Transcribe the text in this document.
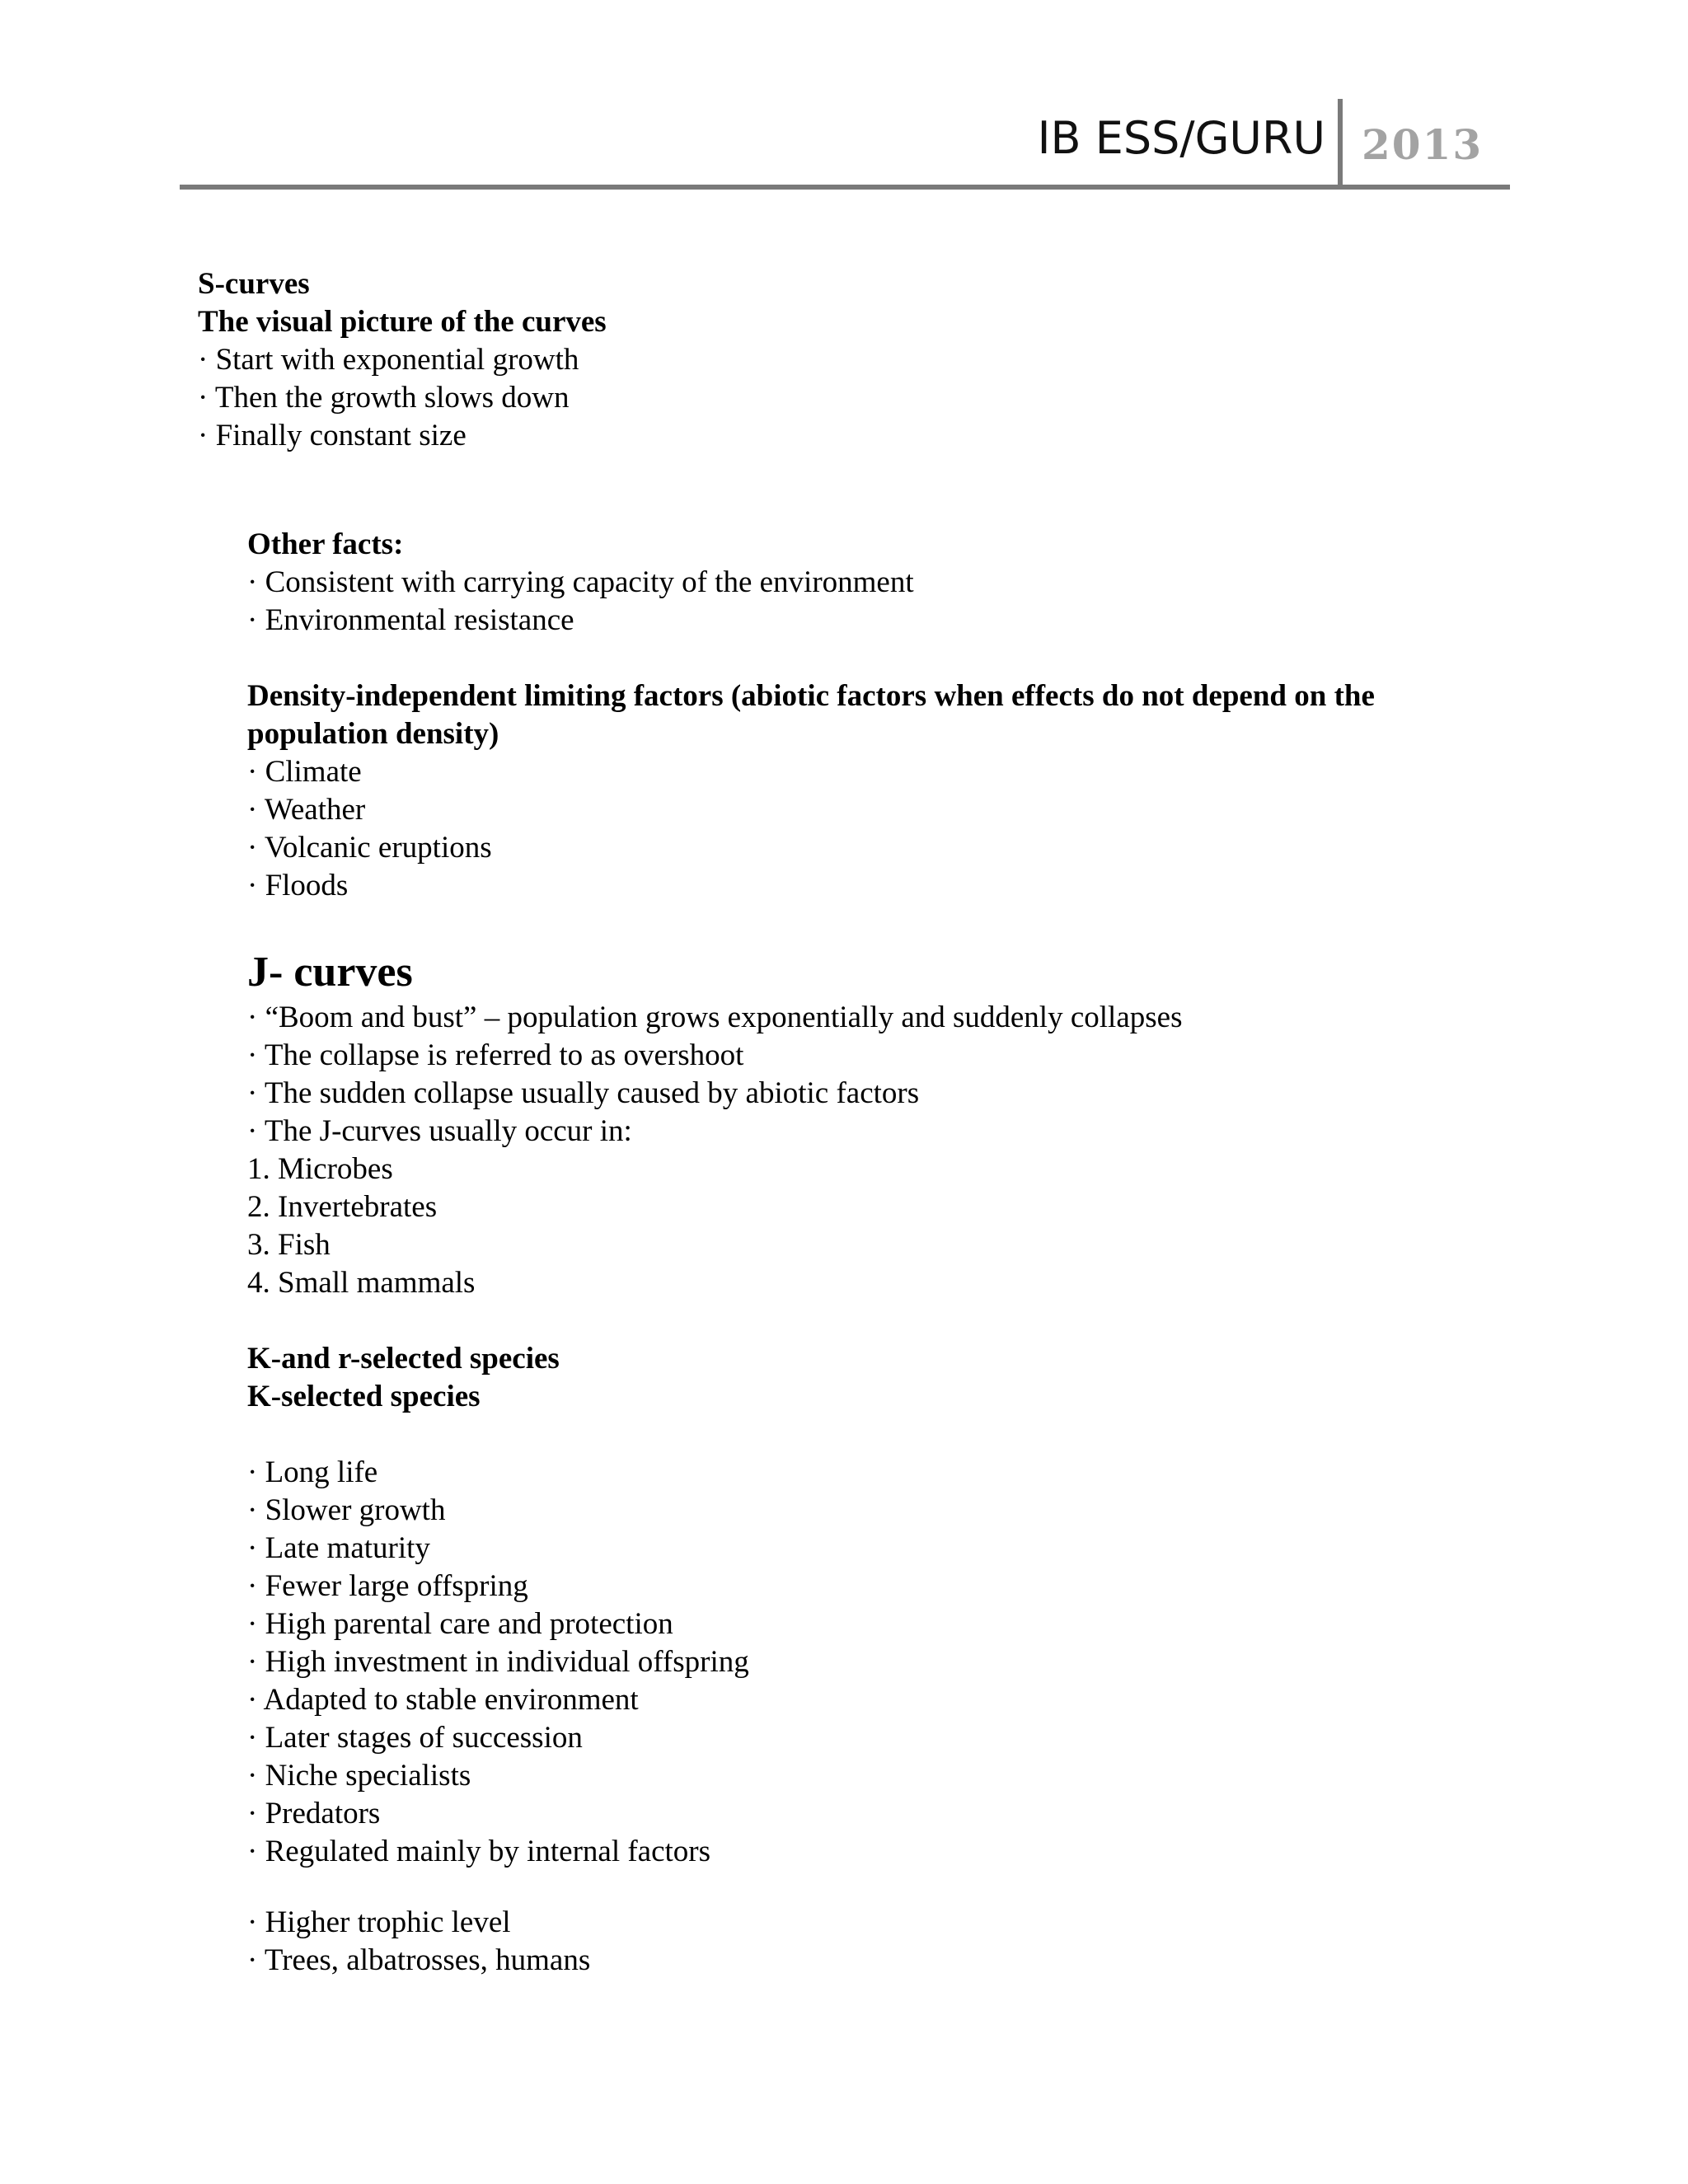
IB ESS/GURU 2013
S-curves
The visual picture of the curves
· Start with exponential growth
· Then the growth slows down
· Finally constant size
Other facts:
· Consistent with carrying capacity of the environment
· Environmental resistance
Density-independent limiting factors (abiotic factors when effects do not depend on the
population density)
· Climate
· Weather
· Volcanic eruptions
· Floods
J- curves
· “Boom and bust” – population grows exponentially and suddenly collapses
· The collapse is referred to as overshoot
· The sudden collapse usually caused by abiotic factors
· The J-curves usually occur in:
1. Microbes
2. Invertebrates
3. Fish
4. Small mammals
K-and r-selected species
K-selected species
· Long life
· Slower growth
· Late maturity
· Fewer large offspring
· High parental care and protection
· High investment in individual offspring
· Adapted to stable environment
· Later stages of succession
· Niche specialists
· Predators
· Regulated mainly by internal factors
· Higher trophic level
· Trees, albatrosses, humans
